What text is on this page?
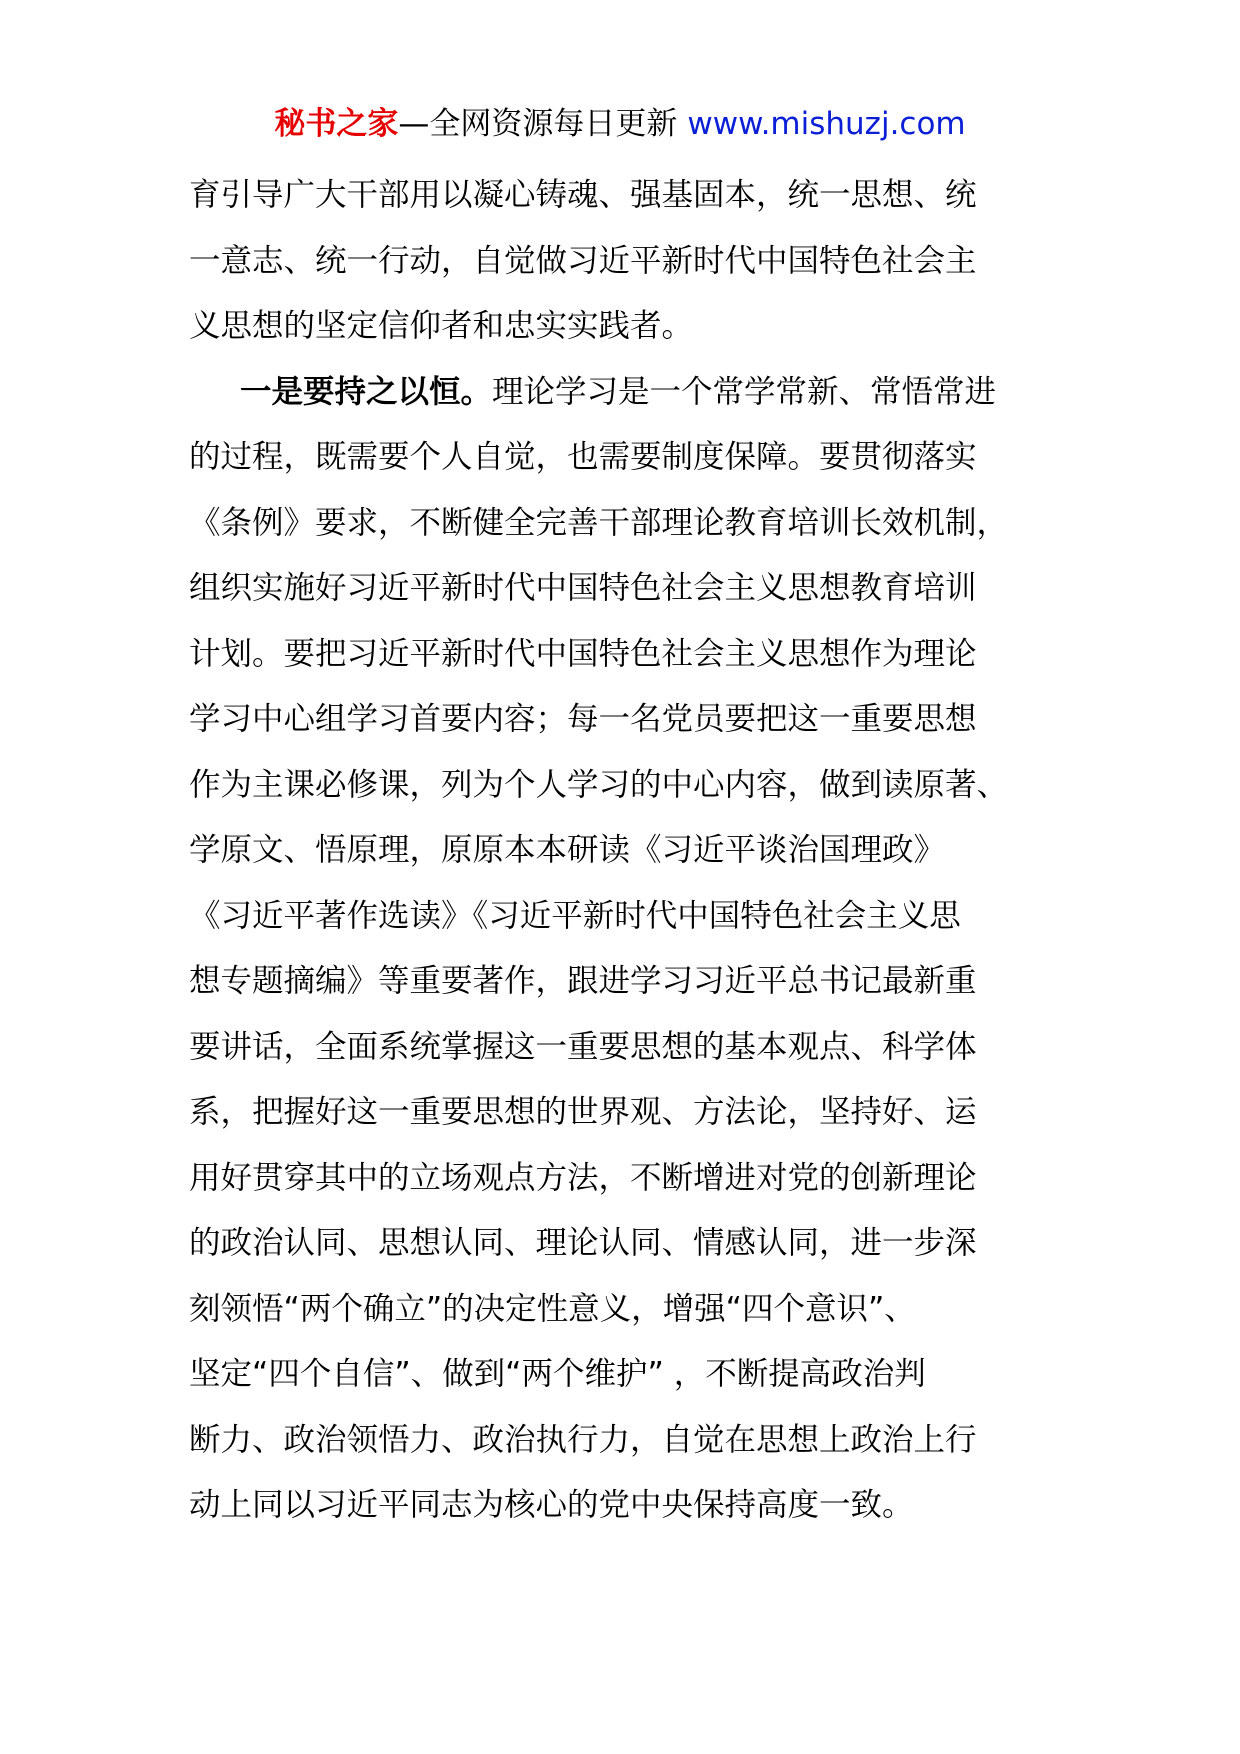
秘书之家—全网资源每日更新 www.mishuzj.com

育引导广大干部用以凝心铸魂、强基固本，统一思想、统
一意志、统一行动，自觉做习近平新时代中国特色社会主
义思想的坚定信仰者和忠实实践者。

一是要持之以恒。理论学习是一个常学常新、常悟常进
的过程，既需要个人自觉，也需要制度保障。要贯彻落实
《条例》要求，不断健全完善干部理论教育培训长效机制，
组织实施好习近平新时代中国特色社会主义思想教育培训
计划。要把习近平新时代中国特色社会主义思想作为理论
学习中心组学习首要内容；每一名党员要把这一重要思想
作为主课必修课，列为个人学习的中心内容，做到读原著、
学原文、悟原理，原原本本研读《习近平谈治国理政》
《习近平著作选读》《习近平新时代中国特色社会主义思
想专题摘编》等重要著作，跟进学习习近平总书记最新重
要讲话，全面系统掌握这一重要思想的基本观点、科学体
系，把握好这一重要思想的世界观、方法论，坚持好、运
用好贯穿其中的立场观点方法，不断增进对党的创新理论
的政治认同、思想认同、理论认同、情感认同，进一步深
刻领悟“两个确立”的决定性意义，增强“四个意识”、
坚定“四个自信”、做到“两个维护” ，不断提高政治判
断力、政治领悟力、政治执行力，自觉在思想上政治上行
动上同以习近平同志为核心的党中央保持高度一致。
